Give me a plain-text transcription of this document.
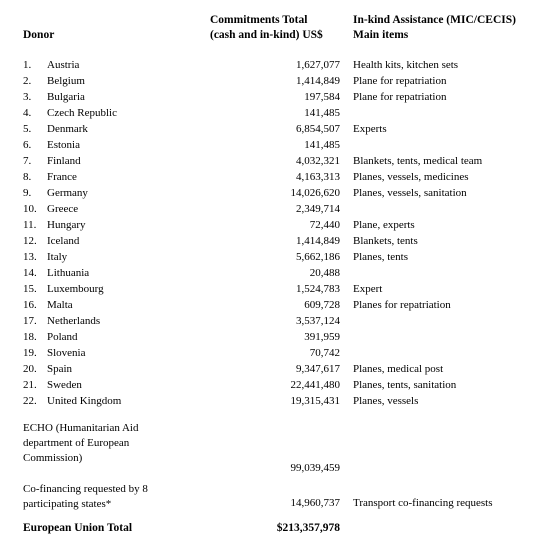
Donor
Commitments Total
(cash and in-kind) US$
In-kind Assistance (MIC/CECIS)
Main items
1. Austria	1,627,077 Health kits, kitchen sets
2. Belgium	1,414,849 Plane for repatriation
3. Bulgaria	197,584 Plane for repatriation
4. Czech Republic	141,485
5. Denmark	6,854,507 Experts
6. Estonia	141,485
7. Finland	4,032,321 Blankets, tents, medical team
8. France	4,163,313 Planes, vessels, medicines
9. Germany	14,026,620 Planes, vessels, sanitation
10. Greece	2,349,714
11. Hungary	72,440 Plane, experts
12. Iceland	1,414,849 Blankets, tents
13. Italy	5,662,186 Planes, tents
14. Lithuania	20,488
15. Luxembourg	1,524,783 Expert
16. Malta	609,728 Planes for repatriation
17. Netherlands	3,537,124
18. Poland	391,959
19. Slovenia	70,742
20. Spain	9,347,617 Planes, medical post
21. Sweden	22,441,480 Planes, tents, sanitation
22. United Kingdom	19,315,431 Planes, vessels
ECHO (Humanitarian Aid department of European Commission)
99,039,459
Co-financing requested by 8 participating states*	14,960,737 Transport co-financing requests
European Union Total	$213,357,978
